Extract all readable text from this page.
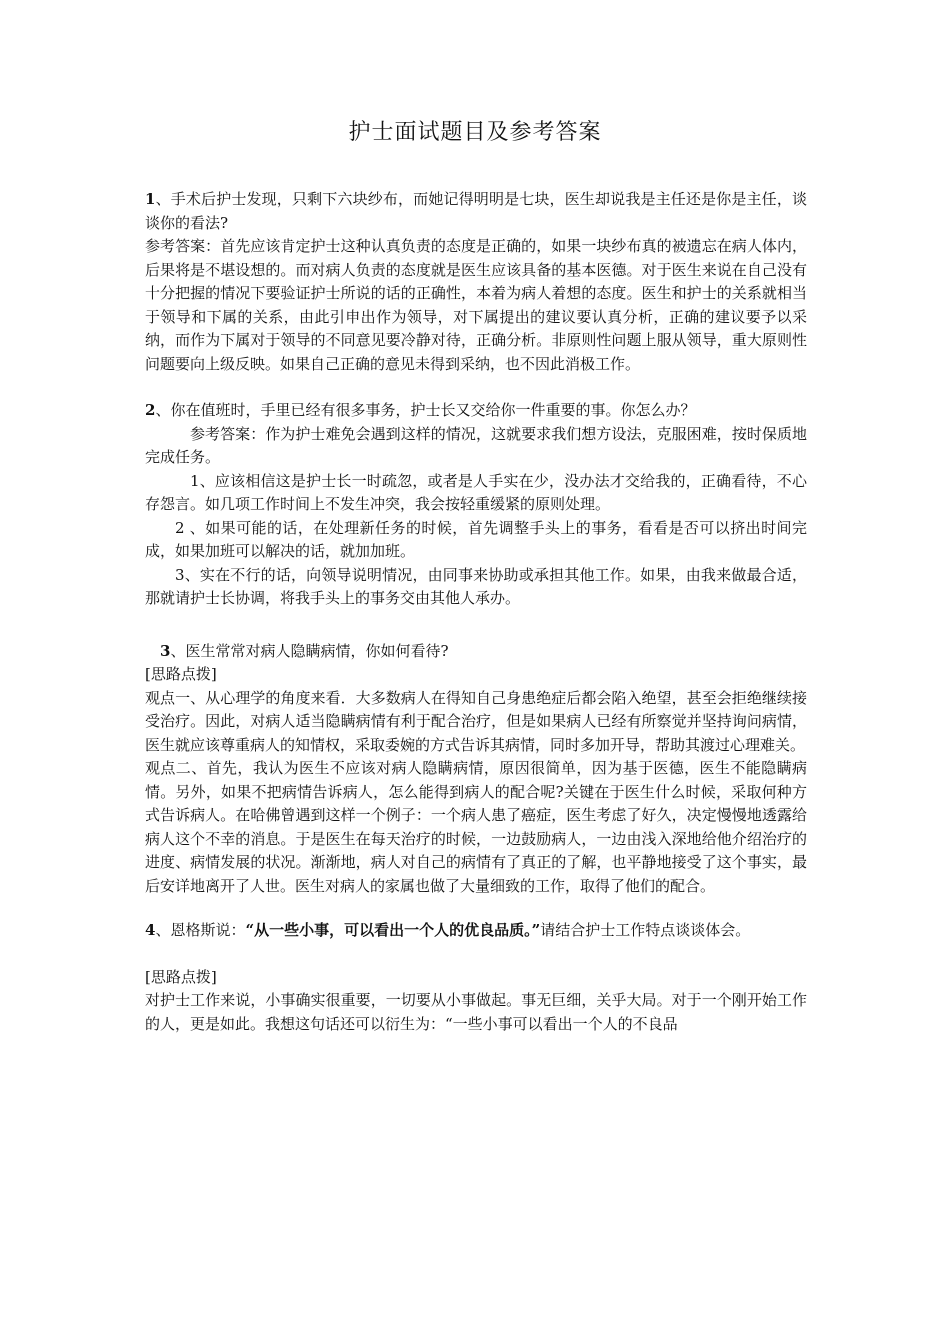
护士面试题目及参考答案

1、手术后护士发现，只剩下六块纱布，而她记得明明是七块，医生却说我是主任还是你是主任，谈谈你的看法?

参考答案：首先应该肯定护士这种认真负责的态度是正确的，如果一块纱布真的被遗忘在病人体内，后果将是不堪设想的。而对病人负责的态度就是医生应该具备的基本医德。对于医生来说在自己没有十分把握的情况下要验证护士所说的话的正确性，本着为病人着想的态度。医生和护士的关系就相当于领导和下属的关系，由此引申出作为领导，对下属提出的建议要认真分析，正确的建议要予以采纳，而作为下属对于领导的不同意见要冷静对待，正确分析。非原则性问题上服从领导，重大原则性问题要向上级反映。如果自己正确的意见未得到采纳，也不因此消极工作。

2、你在值班时，手里已经有很多事务，护士长又交给你一件重要的事。你怎么办？

参考答案：作为护士难免会遇到这样的情况，这就要求我们想方设法，克服困难，按时保质地完成任务。

1、应该相信这是护士长一时疏忽，或者是人手实在少，没办法才交给我的，正确看待，不心存怨言。如几项工作时间上不发生冲突，我会按轻重缓紧的原则处理。

2 、如果可能的话，在处理新任务的时候，首先调整手头上的事务，看看是否可以挤出时间完成，如果加班可以解决的话，就加加班。

3、实在不行的话，向领导说明情况，由同事来协助或承担其他工作。如果，由我来做最合适，那就请护士长协调，将我手头上的事务交由其他人承办。

3、医生常常对病人隐瞒病情，你如何看待?

[思路点拨]

观点一、从心理学的角度来看．大多数病人在得知自己身患绝症后都会陷入绝望，甚至会拒绝继续接受治疗。因此，对病人适当隐瞒病情有利于配合治疗，但是如果病人已经有所察觉并坚持询问病情，医生就应该尊重病人的知情权，采取委婉的方式告诉其病情，同时多加开导，帮助其渡过心理难关。

观点二、首先，我认为医生不应该对病人隐瞒病情，原因很简单，因为基于医德，医生不能隐瞒病情。另外，如果不把病情告诉病人，怎么能得到病人的配合呢?关键在于医生什么时候，采取何种方式告诉病人。在哈佛曾遇到这样一个例子：一个病人患了癌症，医生考虑了好久，决定慢慢地透露给病人这个不幸的消息。于是医生在每天治疗的时候，一边鼓励病人，一边由浅入深地给他介绍治疗的进度、病情发展的状况。渐渐地，病人对自己的病情有了真正的了解，也平静地接受了这个事实，最后安详地离开了人世。医生对病人的家属也做了大量细致的工作，取得了他们的配合。

4、恩格斯说：“从一些小事，可以看出一个人的优良品质。”请结合护士工作特点谈谈体会。

[思路点拨]

对护士工作来说，小事确实很重要，一切要从小事做起。事无巨细，关乎大局。对于一个刚开始工作的人，更是如此。我想这句话还可以衍生为：“一些小事可以看出一个人的不良品
